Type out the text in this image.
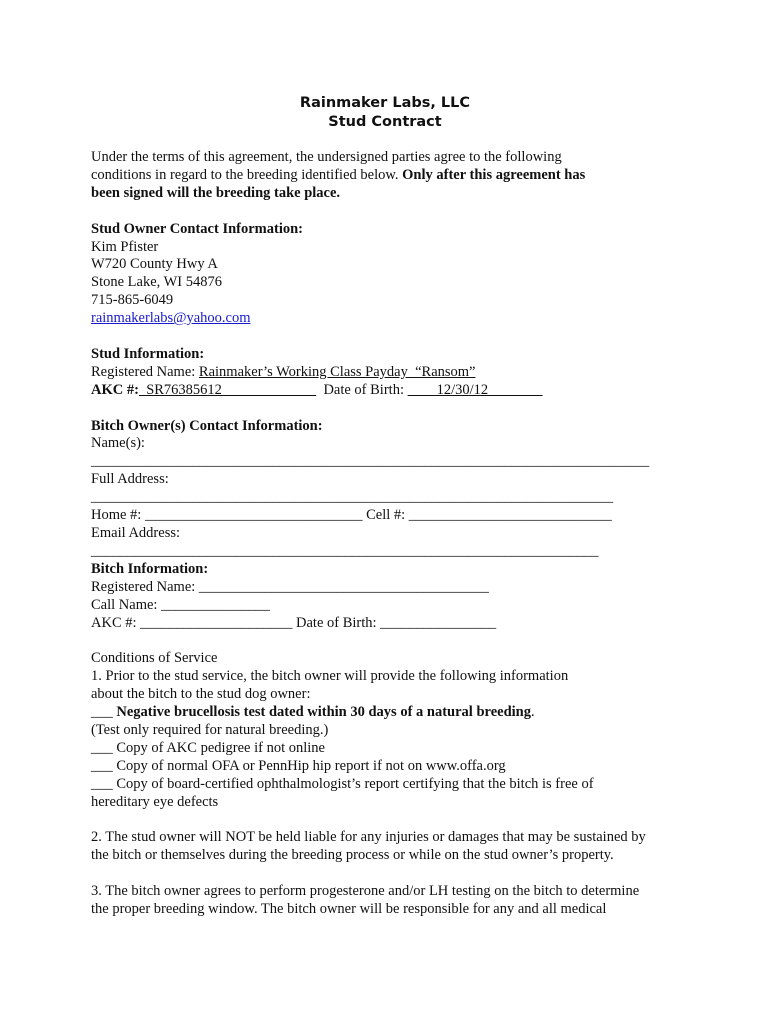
Rainmaker Labs, LLC
Stud Contract
Under the terms of this agreement, the undersigned parties agree to the following
conditions in regard to the breeding identified below. Only after this agreement has
been signed will the breeding take place.
Stud Owner Contact Information:
Kim Pfister
W720 County Hwy A
Stone Lake, WI 54876
715-865-6049
rainmakerlabs@yahoo.com
Stud Information:
Registered Name: Rainmaker’s Working Class Payday  “Ransom”
AKC #:  SR76385612                            Date of Birth:         12/30/12
Bitch Owner(s) Contact Information:
Name(s):
_____________________________________________________________________________
Full Address:
________________________________________________________________________
Home #: ______________________________ Cell #: ____________________________
Email Address:
______________________________________________________________________
Bitch Information:
Registered Name: ________________________________________
Call Name: _______________
AKC #: _____________________ Date of Birth: ________________
Conditions of Service
1. Prior to the stud service, the bitch owner will provide the following information
about the bitch to the stud dog owner:
___ Negative brucellosis test dated within 30 days of a natural breeding.
(Test only required for natural breeding.)
___ Copy of AKC pedigree if not online
___ Copy of normal OFA or PennHip hip report if not on www.offa.org
___ Copy of board-certified ophthalmologist’s report certifying that the bitch is free of
hereditary eye defects
2. The stud owner will NOT be held liable for any injuries or damages that may be sustained by
the bitch or themselves during the breeding process or while on the stud owner’s property.
3. The bitch owner agrees to perform progesterone and/or LH testing on the bitch to determine
the proper breeding window. The bitch owner will be responsible for any and all medical
